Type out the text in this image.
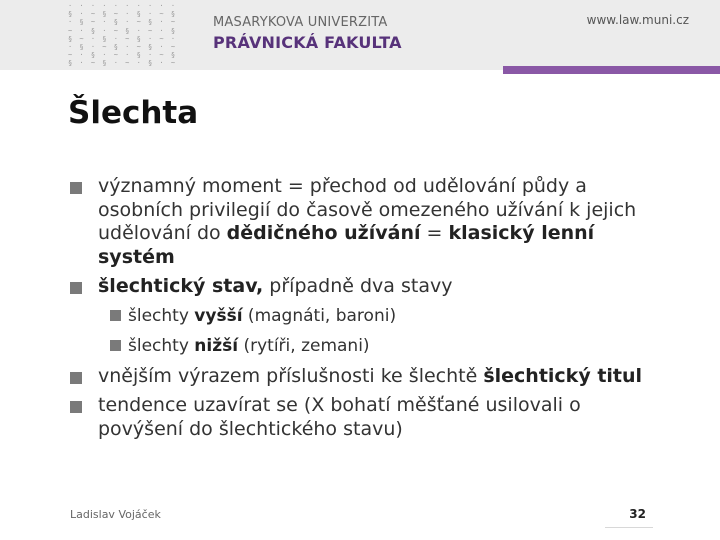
· · · · · · · · · ·
§ · ~ § ~ · § · ~ §
· § ~ · § · ~ § · ~
~ · § · ~ § · ~ · §
§ ~ · § · ~ § · ~ ·
· § · ~ § · ~ § · ~
~ · § · ~ · § · ~ §
§ · ~ § · ~ · § · ~
MASARYKOVA UNIVERZITA
PRÁVNICKÁ FAKULTA
www.law.muni.cz
Šlechta
významný moment = přechod od udělování půdy a osobních privilegií do časově omezeného užívání k jejich udělování do dědičného užívání = klasický lenní systém
šlechtický stav, případně dva stavy
šlechty vyšší (magnáti, baroni)
šlechty nižší (rytíři, zemani)
vnějším výrazem příslušnosti ke šlechtě šlechtický titul
tendence uzavírat se (X bohatí měšťané usilovali o povýšení do šlechtického stavu)
Ladislav Vojáček	32
